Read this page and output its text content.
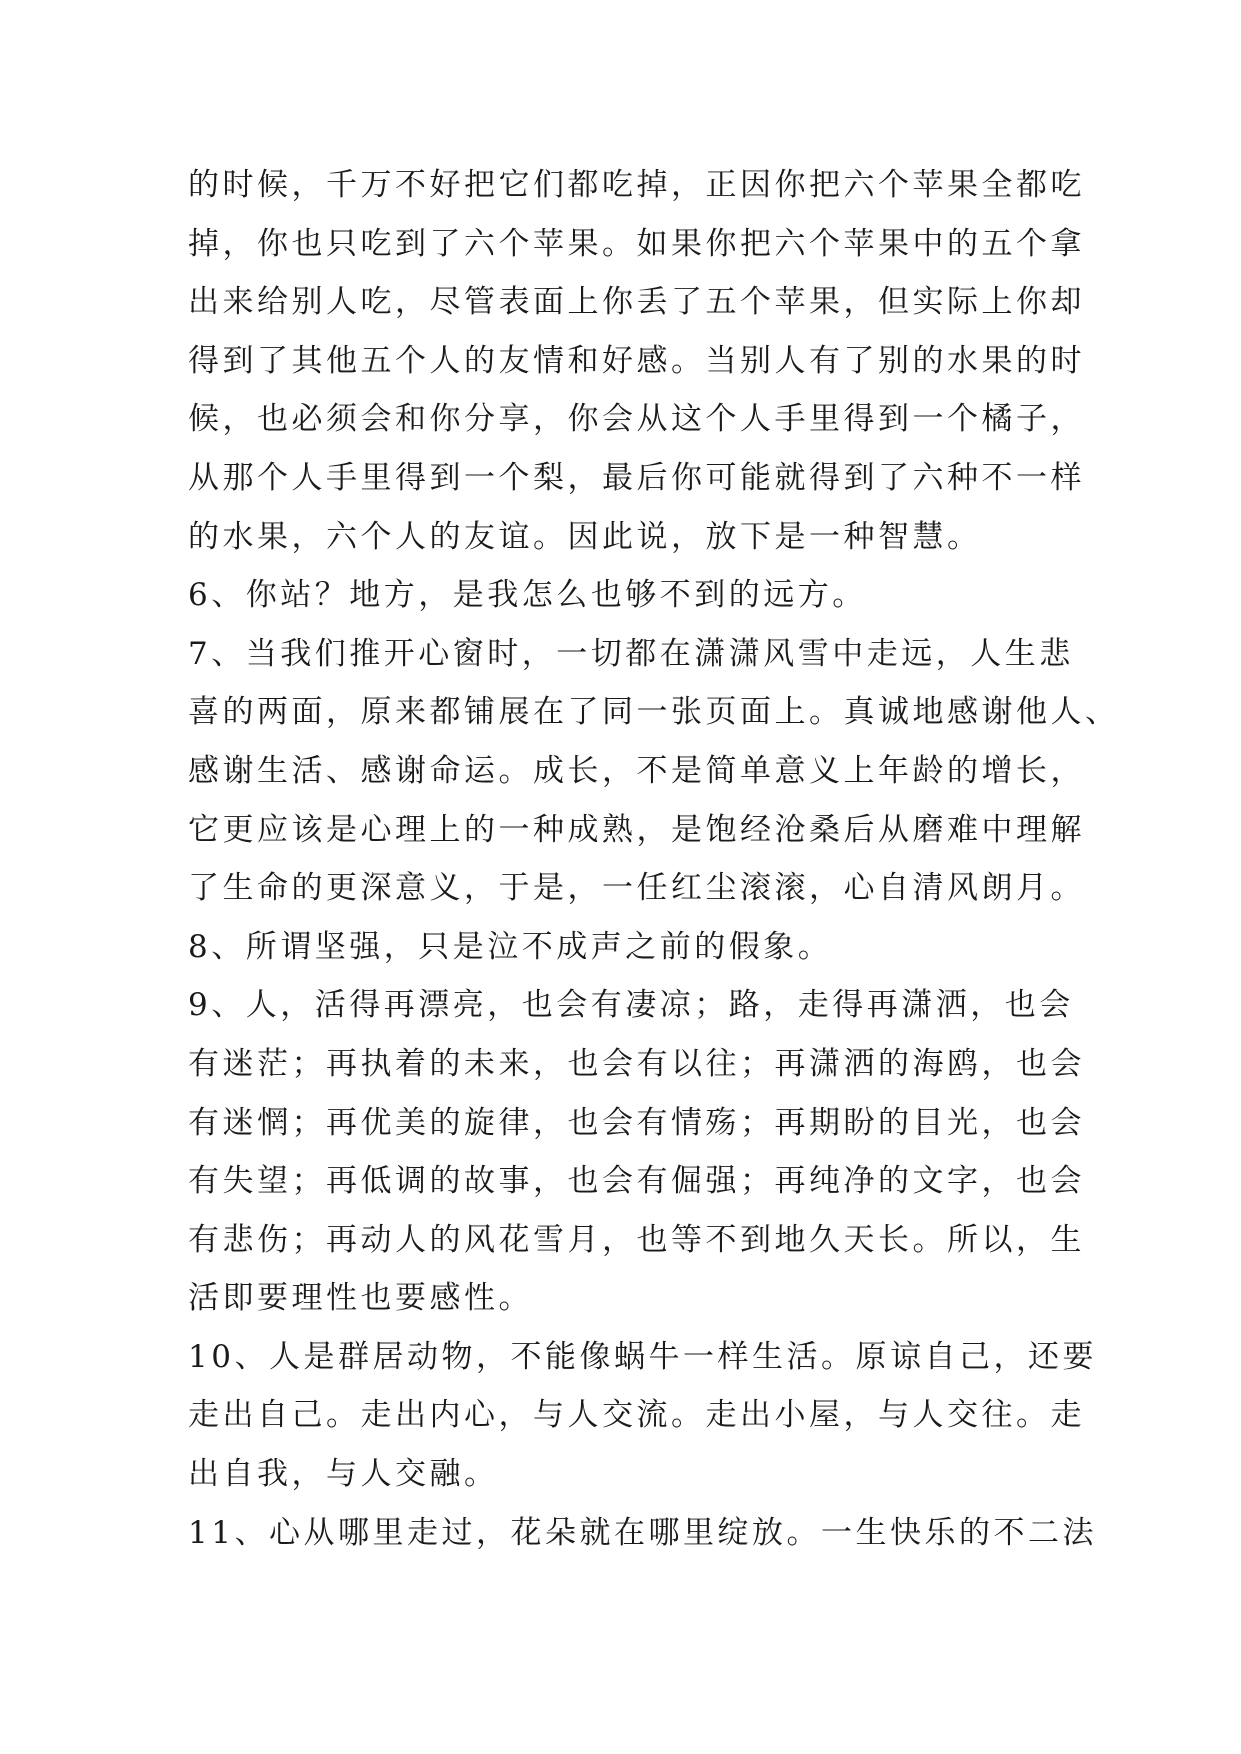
的时候，千万不好把它们都吃掉，正因你把六个苹果全都吃

掉，你也只吃到了六个苹果。如果你把六个苹果中的五个拿

出来给别人吃，尽管表面上你丢了五个苹果，但实际上你却

得到了其他五个人的友情和好感。当别人有了别的水果的时

候，也必须会和你分享，你会从这个人手里得到一个橘子，

从那个人手里得到一个梨，最后你可能就得到了六种不一样

的水果，六个人的友谊。因此说，放下是一种智慧。

6、你站？地方，是我怎么也够不到的远方。

7、当我们推开心窗时，一切都在潇潇风雪中走远，人生悲

喜的两面，原来都铺展在了同一张页面上。真诚地感谢他人、

感谢生活、感谢命运。成长，不是简单意义上年龄的增长，

它更应该是心理上的一种成熟，是饱经沧桑后从磨难中理解

了生命的更深意义，于是，一任红尘滚滚，心自清风朗月。

8、所谓坚强，只是泣不成声之前的假象。

9、人，活得再漂亮，也会有凄凉；路，走得再潇洒，也会

有迷茫；再执着的未来，也会有以往；再潇洒的海鸥，也会

有迷惘；再优美的旋律，也会有情殇；再期盼的目光，也会

有失望；再低调的故事，也会有倔强；再纯净的文字，也会

有悲伤；再动人的风花雪月，也等不到地久天长。所以，生

活即要理性也要感性。

10、人是群居动物，不能像蜗牛一样生活。原谅自己，还要

走出自己。走出内心，与人交流。走出小屋，与人交往。走

出自我，与人交融。

11、心从哪里走过，花朵就在哪里绽放。一生快乐的不二法
